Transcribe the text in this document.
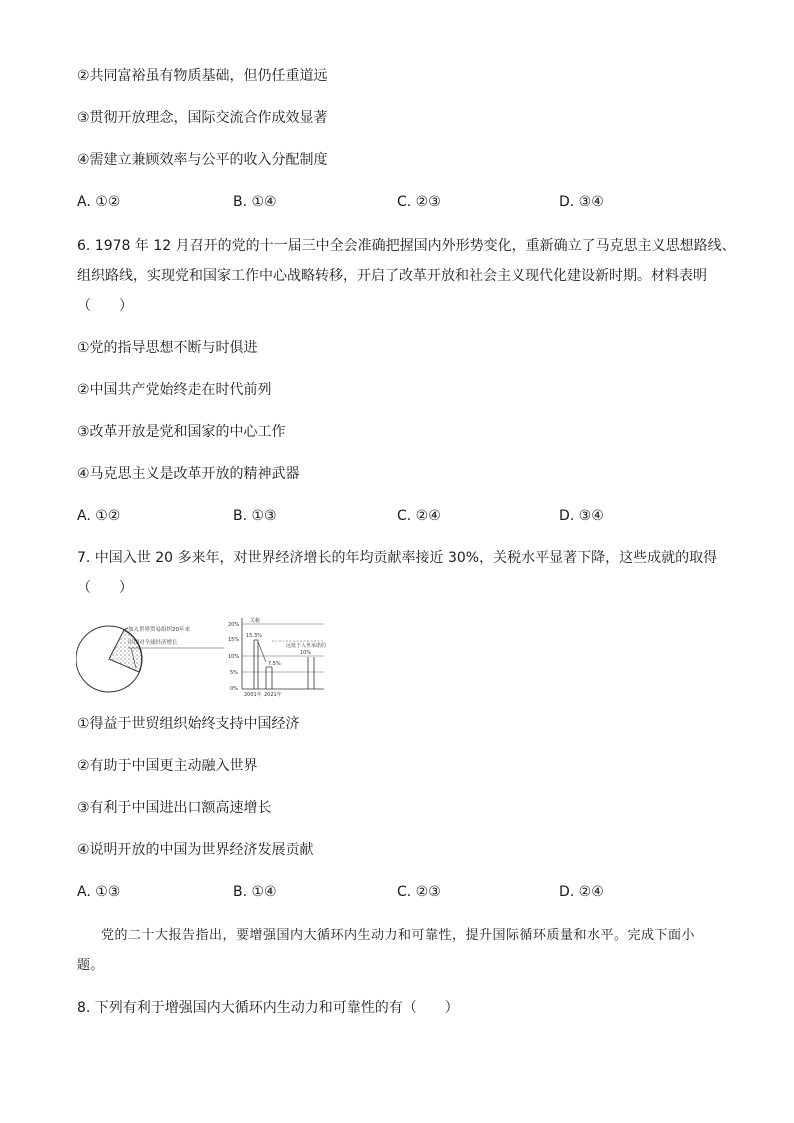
②共同富裕虽有物质基础，但仍任重道远
③贯彻开放理念，国际交流合作成效显著
④需建立兼顾效率与公平的收入分配制度
A. ①②	B. ①④	C. ②③	D. ③④
6. 1978 年 12 月召开的党的十一届三中全会准确把握国内外形势变化，重新确立了马克思主义思想路线、
组织路线，实现党和国家工作中心战略转移，开启了改革开放和社会主义现代化建设新时期。材料表明
（　　）
①党的指导思想不断与时俱进
②中国共产党始终走在时代前列
③改革开放是党和国家的中心工作
④马克思主义是改革开放的精神武器
A. ①②	B. ①③	C. ②④	D. ③④
7. 中国入世 20 多来年，对世界经济增长的年均贡献率接近 30%，关税水平显著下降，这些成就的取得
（　　）
加入世界贸易组织20年来
中国对全球经济增长
20%
15%
10%
5%
0%
关税
15.3%
7.5%
远低于入世承诺的
10%
2001年 2021年
①得益于世贸组织始终支持中国经济
②有助于中国更主动融入世界
③有利于中国进出口额高速增长
④说明开放的中国为世界经济发展贡献
A. ①③	B. ①④	C. ②③	D. ②④
党的二十大报告指出，要增强国内大循环内生动力和可靠性，提升国际循环质量和水平。完成下面小
题。
8. 下列有利于增强国内大循环内生动力和可靠性的有（　　）
